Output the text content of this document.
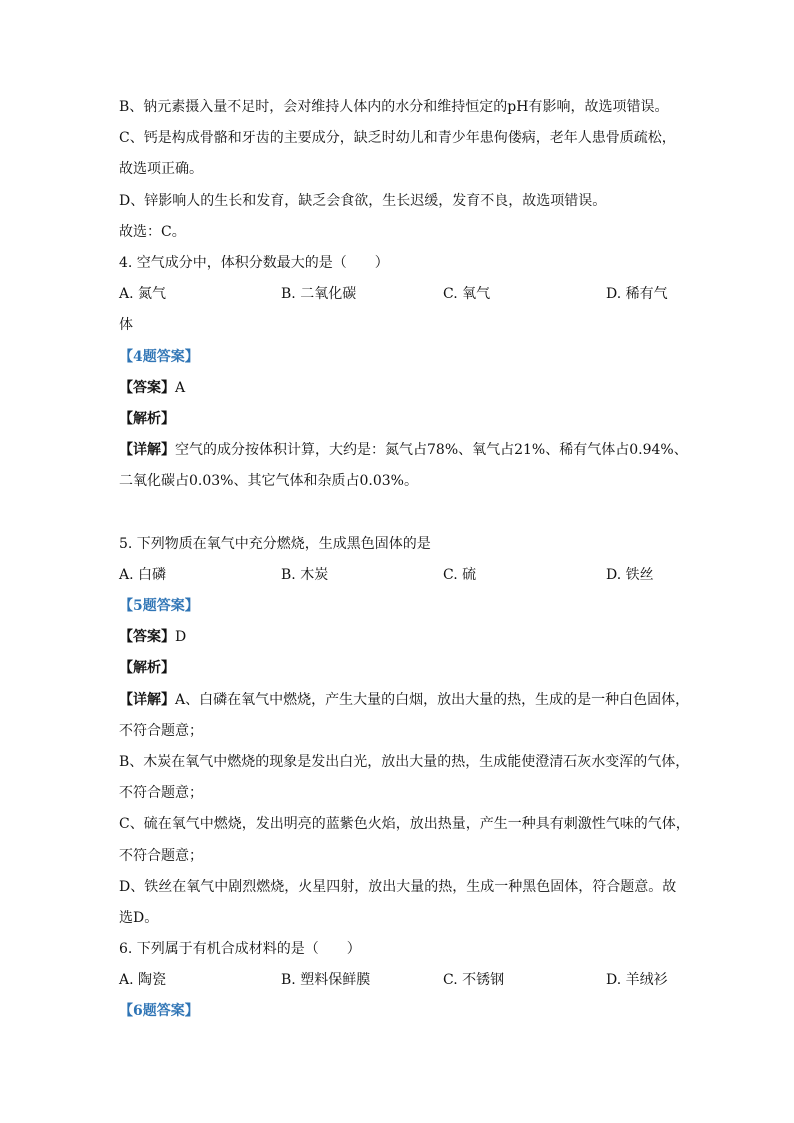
B、钠元素摄入量不足时，会对维持人体内的水分和维持恒定的pH有影响，故选项错误。
C、钙是构成骨骼和牙齿的主要成分，缺乏时幼儿和青少年患佝偻病，老年人患骨质疏松，
故选项正确。
D、锌影响人的生长和发育，缺乏会食欲，生长迟缓，发育不良，故选项错误。
故选：C。
4. 空气成分中，体积分数最大的是（　　）
A. 氮气	B. 二氧化碳	C. 氧气	D. 稀有气
体
【4题答案】
【答案】A
【解析】
【详解】空气的成分按体积计算，大约是：氮气占78%、氧气占21%、稀有气体占0.94%、
二氧化碳占0.03%、其它气体和杂质占0.03%。
5. 下列物质在氧气中充分燃烧，生成黑色固体的是
A. 白磷	B. 木炭	C. 硫	D. 铁丝
【5题答案】
【答案】D
【解析】
【详解】A、白磷在氧气中燃烧，产生大量的白烟，放出大量的热，生成的是一种白色固体，
不符合题意；
B、木炭在氧气中燃烧的现象是发出白光，放出大量的热，生成能使澄清石灰水变浑的气体，
不符合题意；
C、硫在氧气中燃烧，发出明亮的蓝紫色火焰，放出热量，产生一种具有刺激性气味的气体，
不符合题意；
D、铁丝在氧气中剧烈燃烧，火星四射，放出大量的热，生成一种黑色固体，符合题意。故
选D。
6. 下列属于有机合成材料的是（　　）
A. 陶瓷	B. 塑料保鲜膜	C. 不锈钢	D. 羊绒衫
【6题答案】
